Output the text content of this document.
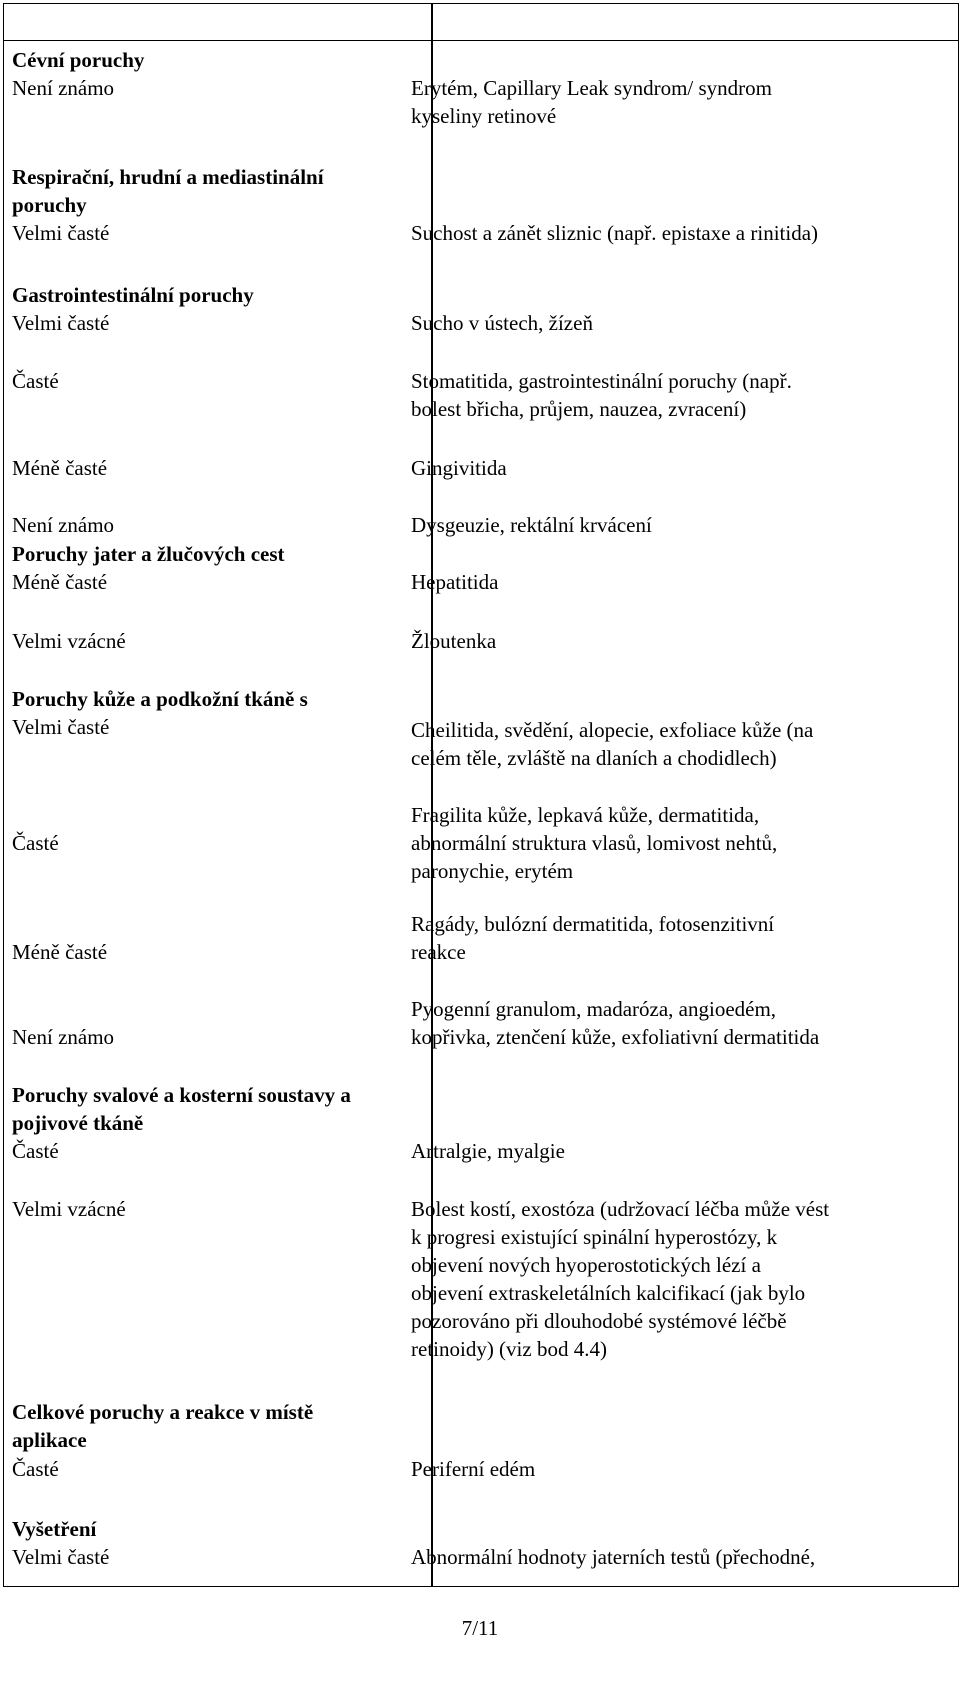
Cévní poruchy
Není známo
Respirační, hrudní a mediastinální
poruchy
Velmi časté
Gastrointestinální poruchy
Velmi časté
Časté
Méně časté
Není známo
Poruchy jater a žlučových cest
Méně časté
Velmi vzácné
Poruchy kůže a podkožní tkáně s
Velmi časté
Časté
Méně časté
Není známo
Poruchy svalové a kosterní soustavy a
pojivové tkáně
Časté
Velmi vzácné
Celkové poruchy a reakce v místě
aplikace
Časté
Vyšetření
Velmi časté
Erytém, Capillary Leak syndrom/ syndrom
kyseliny retinové
Suchost a zánět sliznic (např. epistaxe a rinitida)
Sucho v ústech, žízeň
Stomatitida, gastrointestinální poruchy (např.
bolest břicha, průjem, nauzea, zvracení)
Gingivitida
Dysgeuzie, rektální krvácení
Hepatitida
Žloutenka
Cheilitida, svědění, alopecie, exfoliace kůže (na
celém těle, zvláště na dlaních a chodidlech)
Fragilita kůže, lepkavá kůže, dermatitida,
abnormální struktura vlasů, lomivost nehtů,
paronychie, erytém
Ragády, bulózní dermatitida, fotosenzitivní
reakce
Pyogenní granulom, madaróza, angioedém,
kopřivka, ztenčení kůže, exfoliativní dermatitida
Artralgie, myalgie
Bolest kostí, exostóza (udržovací léčba může vést
k progresi existující spinální hyperostózy, k
objevení nových hyoperostotických lézí a
objevení extraskeletálních kalcifikací (jak bylo
pozorováno při dlouhodobé systémové léčbě
retinoidy) (viz bod 4.4)
Periferní edém
Abnormální hodnoty jaterních testů (přechodné,
7/11
